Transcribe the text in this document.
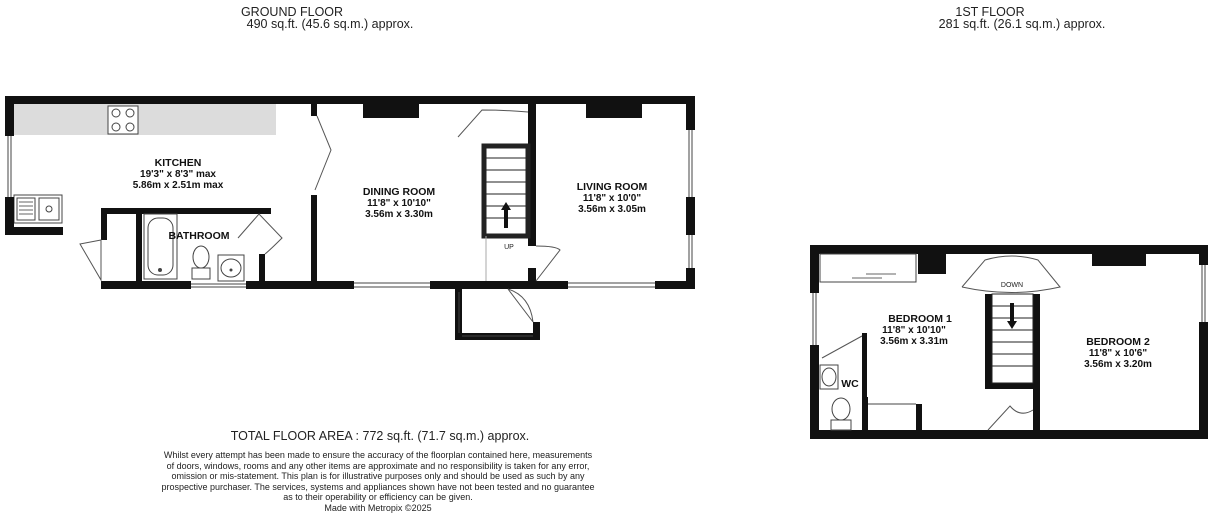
GROUND FLOOR
490 sq.ft. (45.6 sq.m.) approx.
1ST FLOOR
281 sq.ft. (26.1 sq.m.) approx.
UP
KITCHEN
19'3" x 8'3" max
5.86m x 2.51m max
BATHROOM
DINING ROOM
11'8" x 10'10"
3.56m x 3.30m
LIVING ROOM
11'8" x 10'0"
3.56m x 3.05m
DOWN
BEDROOM 1
11'8" x 10'10"
3.56m x 3.31m
WC
BEDROOM 2
11'8" x 10'6"
3.56m x 3.20m
TOTAL FLOOR AREA : 772 sq.ft. (71.7 sq.m.) approx.
Whilst every attempt has been made to ensure the accuracy of the floorplan contained here, measurements
of doors, windows, rooms and any other items are approximate and no responsibility is taken for any error,
omission or mis-statement. This plan is for illustrative purposes only and should be used as such by any
prospective purchaser. The services, systems and appliances shown have not been tested and no guarantee
as to their operability or efficiency can be given.
Made with Metropix ©2025
